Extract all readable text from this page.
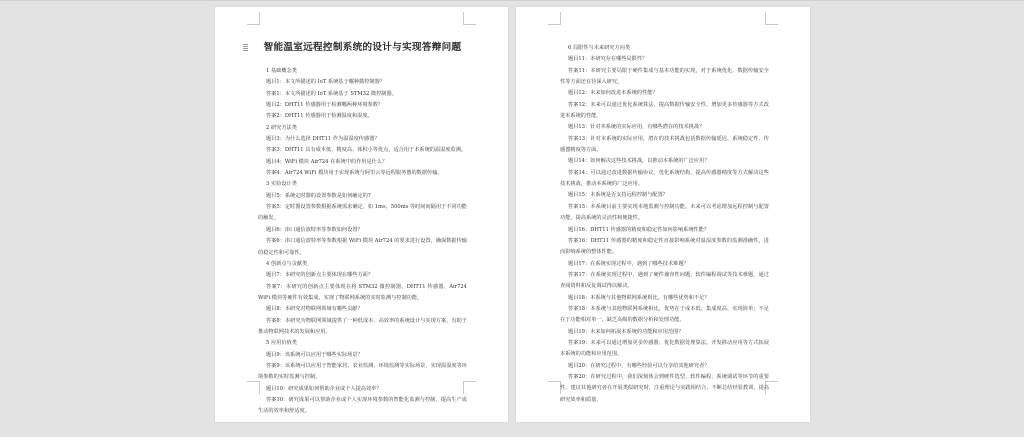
智能温室远程控制系统的设计与实现答辩问题

1 基础概念类

题目1：本文所描述的 IoT 系统基于哪种微控制器？

答案1：本文所描述的 IoT 系统基于 STM32 微控制器。

题目2：DHT11 传感器用于检测哪两种环境参数？

答案2：DHT11 传感器用于检测温度和湿度。

2 研究方法类

题目3：为什么选择 DHT11 作为温湿度传感器？

答案3：DHT11 具有成本低、精度高、体积小等优点，适合用于本系统的温湿度监测。

题目4：WiFi 模块 Air724 在系统中的作用是什么？

答案4：Air724 WiFi 模块用于实现系统与阿里云等远程服务器的数据传输。

3 实验设计类

题目5：系统定时器的设置参数是如何确定的?

答案5：定时器设置参数根据系统需求确定，如 1ms、500ms 等时间间隔用于不同功能的触发。

题目6：串口通信波特率等参数如何设置？

答案6：串口通信波特率等参数根据 WiFi 模块 Air724 的要求进行设置，确保数据传输的稳定性和可靠性。

4 创新点与贡献类

题目7：本研究的创新点主要体现在哪些方面？

答案7：本研究的创新点主要体现在将 STM32 微控制器、DHT11 传感器、Air724 WiFi 模块等硬件有效集成，实现了物联网系统的实时监测与控制功能。

题目8：本研究对物联网领域有哪些贡献？

答案8：本研究为物联网领域提供了一种低成本、高效率的系统设计与实现方案，有助于推动物联网技术的发展和应用。

5 应用价值类

题目9：该系统可以应用于哪些实际场景？

答案9：该系统可以应用于智能家居、农业监测、环境监测等实际场景，实现温湿度等环境参数的实时监测与控制。

题目10：研究成果如何帮助企业或个人提高效率？

答案10：研究成果可以帮助企业或个人实现环境参数的智能化监测与控制，提高生产或生活的效率和舒适度。

6 局限性与未来研究方向类

题目11：本研究存在哪些局限性？

答案11：本研究主要局限于硬件集成与基本功能的实现，对于系统优化、数据传输安全性等方面还有待深入研究。

题目12：未来如何改进本系统的性能？

答案12：未来可以通过优化系统算法、提高数据传输安全性、增加更多传感器等方式改进本系统的性能。

题目13：针对本系统的实际应用，有哪些潜在的技术挑战？

答案13：针对本系统的实际应用，潜在的技术挑战包括数据传输延迟、系统稳定性、传感器精度等方面。

题目14：如何解决这些技术挑战，以推动本系统的广泛应用？

答案14：可以通过改进数据传输协议、优化系统结构、提高传感器精度等方式解决这些技术挑战，推动本系统的广泛应用。

题目15：本系统是否支持远程控制与配置？

答案15：本系统目前主要实现本地监测与控制功能，未来可以考虑增加远程控制与配置功能，提高系统的灵活性和便捷性。

题目16：DHT11 传感器的精度和稳定性如何影响系统性能？

答案16：DHT11 传感器的精度和稳定性直接影响系统对温湿度参数的监测准确性，进而影响系统的整体性能。

题目17：在系统实现过程中，遇到了哪些技术难题？

答案17：在系统实现过程中，遇到了硬件兼容性问题、软件编程调试等技术难题，通过查阅资料和反复调试得以解决。

题目18：本系统与其他物联网系统相比，有哪些优势和不足？

答案18：本系统与其他物联网系统相比，优势在于成本低、集成度高、实现简单；不足在于功能相对单一，缺乏高级的数据分析和处理功能。

题目19：未来如何拓展本系统的功能和应用范围？

答案19：未来可以通过增加更多传感器、优化数据处理算法、开发移动应用等方式拓展本系统的功能和应用范围。

题目20：在研究过程中，有哪些经验可以分享给其他研究者？

答案20：在研究过程中，我们深刻体会到硬件选型、软件编程、系统调试等环节的重要性，建议其他研究者在开展类似研究时，注重理论与实践相结合，不断总结经验教训，提高研究效率和质量。
